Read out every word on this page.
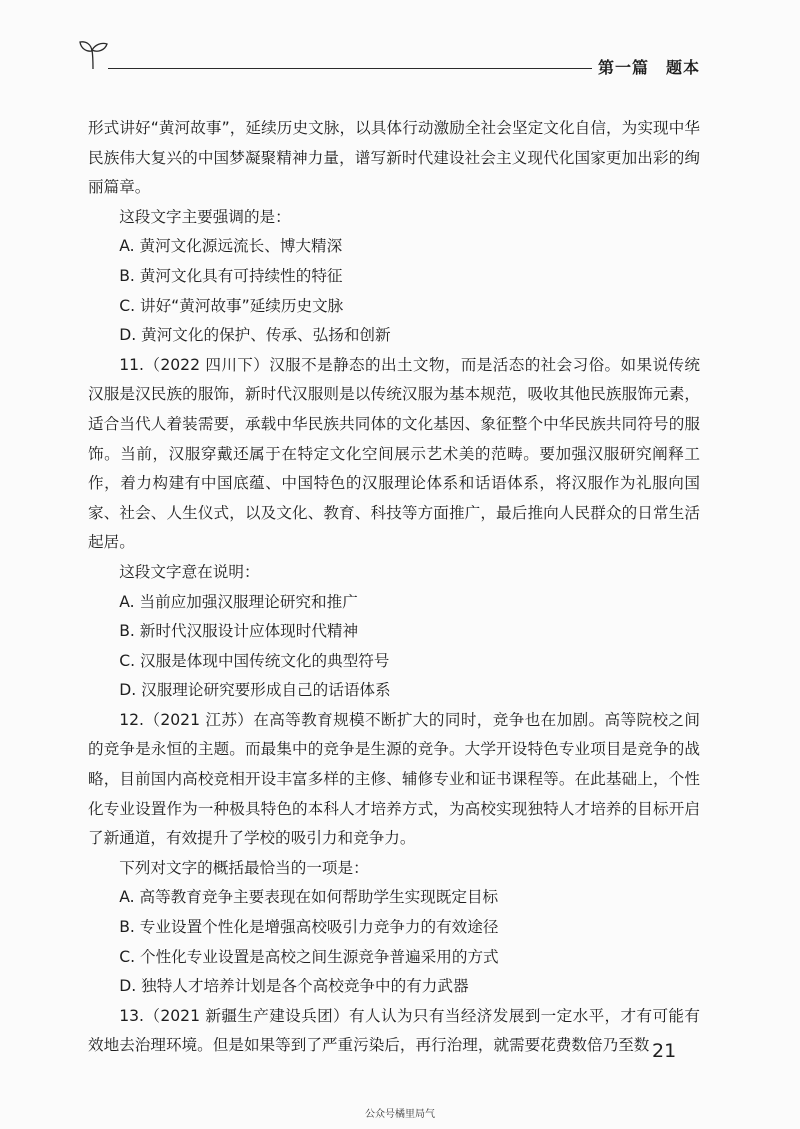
第一篇　题本

形式讲好“黄河故事”，延续历史文脉，以具体行动激励全社会坚定文化自信，为实现中华民族伟大复兴的中国梦凝聚精神力量，谱写新时代建设社会主义现代化国家更加出彩的绚丽篇章。

这段文字主要强调的是：

A. 黄河文化源远流长、博大精深

B. 黄河文化具有可持续性的特征

C. 讲好“黄河故事”延续历史文脉

D. 黄河文化的保护、传承、弘扬和创新

11.（2022 四川下）汉服不是静态的出土文物，而是活态的社会习俗。如果说传统汉服是汉民族的服饰，新时代汉服则是以传统汉服为基本规范，吸收其他民族服饰元素，适合当代人着装需要，承载中华民族共同体的文化基因、象征整个中华民族共同符号的服饰。当前，汉服穿戴还属于在特定文化空间展示艺术美的范畴。要加强汉服研究阐释工作，着力构建有中国底蕴、中国特色的汉服理论体系和话语体系，将汉服作为礼服向国家、社会、人生仪式，以及文化、教育、科技等方面推广，最后推向人民群众的日常生活起居。

这段文字意在说明：

A. 当前应加强汉服理论研究和推广

B. 新时代汉服设计应体现时代精神

C. 汉服是体现中国传统文化的典型符号

D. 汉服理论研究要形成自己的话语体系

12.（2021 江苏）在高等教育规模不断扩大的同时，竞争也在加剧。高等院校之间的竞争是永恒的主题。而最集中的竞争是生源的竞争。大学开设特色专业项目是竞争的战略，目前国内高校竞相开设丰富多样的主修、辅修专业和证书课程等。在此基础上，个性化专业设置作为一种极具特色的本科人才培养方式，为高校实现独特人才培养的目标开启了新通道，有效提升了学校的吸引力和竞争力。

下列对文字的概括最恰当的一项是：

A. 高等教育竞争主要表现在如何帮助学生实现既定目标

B. 专业设置个性化是增强高校吸引力竞争力的有效途径

C. 个性化专业设置是高校之间生源竞争普遍采用的方式

D. 独特人才培养计划是各个高校竞争中的有力武器

13.（2021 新疆生产建设兵团）有人认为只有当经济发展到一定水平，才有可能有效地去治理环境。但是如果等到了严重污染后，再行治理，就需要花费数倍乃至数 21
公众号橘里局气
